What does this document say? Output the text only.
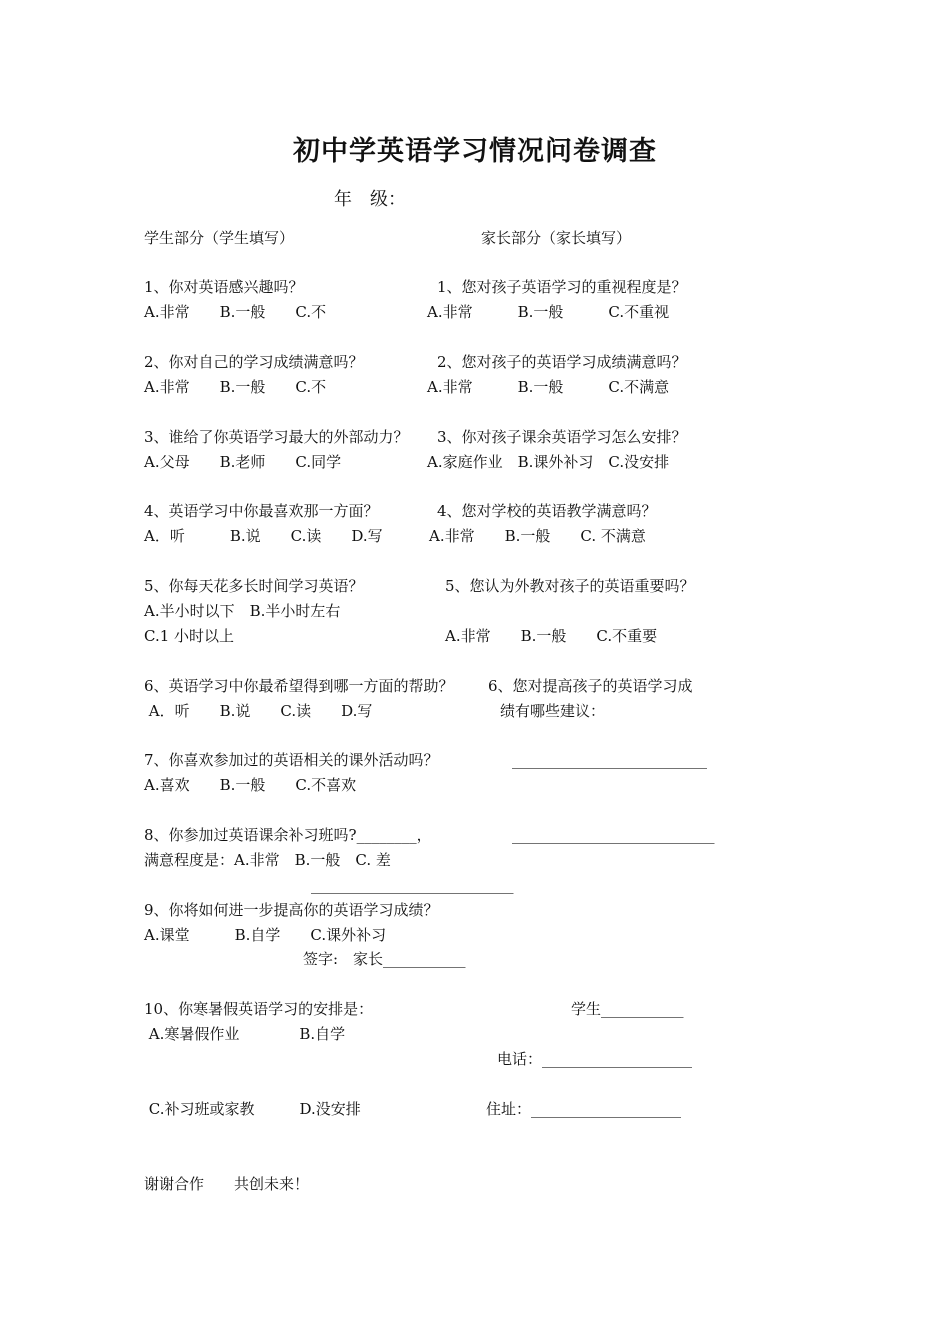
初中学英语学习情况问卷调查
年　级：
学生部分（学生填写）	家长部分（家长填写）
1、你对英语感兴趣吗？
A.非常　　B.一般　　C.不
2、你对自己的学习成绩满意吗？
A.非常　　B.一般　　C.不
3、谁给了你英语学习最大的外部动力？
A.父母　　B.老师　　C.同学
4、英语学习中你最喜欢那一方面？
A．听　　　B.说　　C.读　　D.写
5、你每天花多长时间学习英语？
A.半小时以下　B.半小时左右
C.1 小时以上
6、英语学习中你最希望得到哪一方面的帮助？
A．听　　B.说　　C.读　　D.写
7、你喜欢参加过的英语相关的课外活动吗？
A.喜欢　　B.一般　　C.不喜欢
8、你参加过英语课余补习班吗?________，
满意程度是：A.非常　B.一般　C. 差
9、你将如何进一步提高你的英语学习成绩？
A.课堂　　　B.自学　　C.课外补习
10、你寒暑假英语学习的安排是：
A.寒暑假作业　　　　B.自学
C.补习班或家教　　　D.没安排
1、您对孩子英语学习的重视程度是？
A.非常　　　B.一般　　　C.不重视
2、您对孩子的英语学习成绩满意吗？
A.非常　　　B.一般　　　C.不满意
3、你对孩子课余英语学习怎么安排？
A.家庭作业　B.课外补习　C.没安排
4、您对学校的英语教学满意吗？
A.非常　　B.一般　　C. 不满意
5、您认为外教对孩子的英语重要吗？
A.非常　　B.一般　　C.不重要
6、您对提高孩子的英语学习成
绩有哪些建议：
__________________________
___________________________
___________________________
签字:　家长___________
学生___________
电话：____________________
住址：____________________
谢谢合作　　共创未来！
